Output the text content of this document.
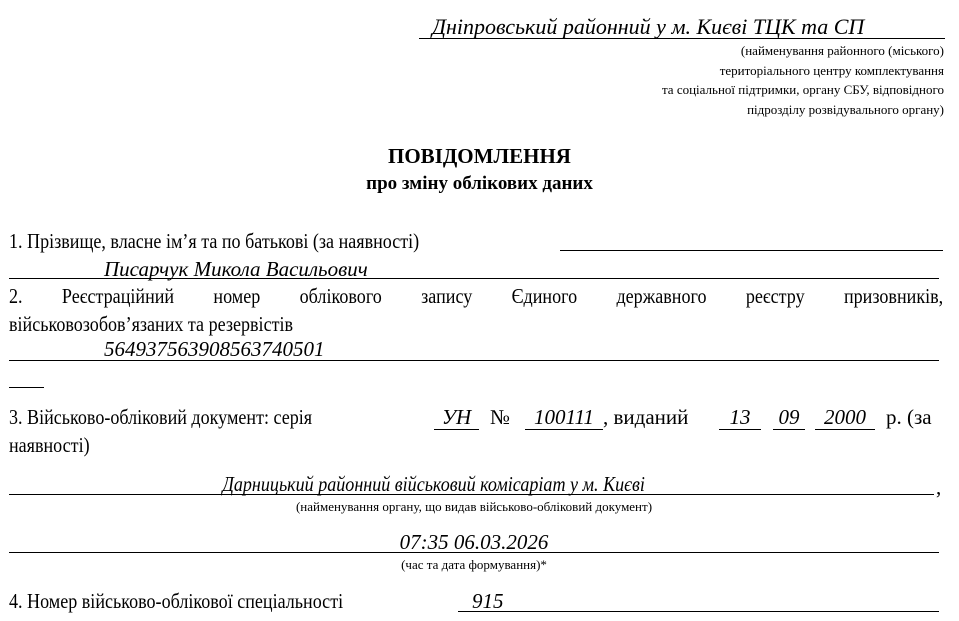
Дніпровський районний у м. Києві ТЦК та СП
(найменування районного (міського)
територіального центру комплектування
та соціальної підтримки, органу СБУ, відповідного
підрозділу розвідувального органу)
ПОВІДОМЛЕННЯ
про зміну облікових даних
1. Прізвище, власне ім’я та по батькові (за наявності)
Писарчук Микола Васильович
2. Реєстраційний номер облікового запису Єдиного державного реєстру призовників,
військовозобов’язаних та резервістів
56493756390856374050​1
3. Військово-обліковий документ: серія	УН №	100111 , виданий	13	09	2000 р. (за
наявності)
Дарницький районний військовий комісаріат у м. Києві	,
(найменування органу, що видав військово-обліковий документ)
07:35 06.03.2026
(час та дата формування)*
4. Номер військово-облікової спеціальності	915
